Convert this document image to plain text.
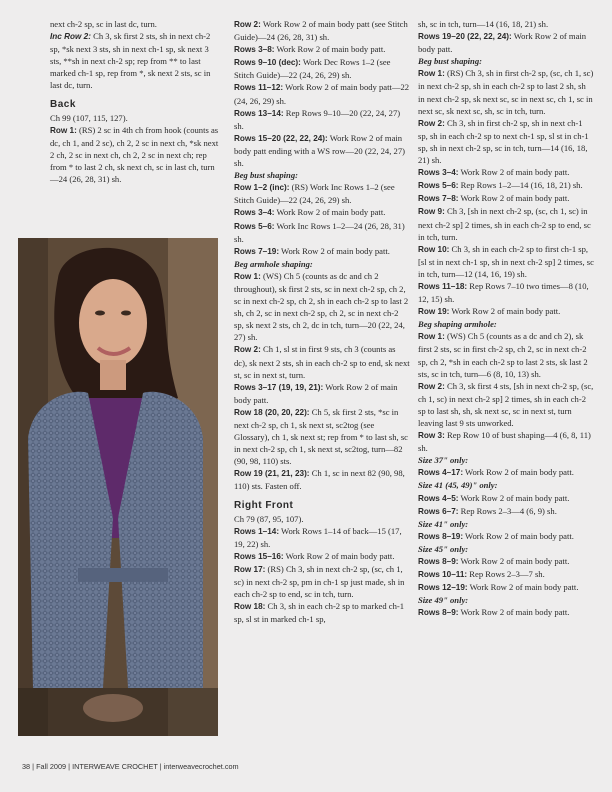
next ch-2 sp, sc in last dc, turn.

Inc Row 2: Ch 3, sk first 2 sts, sh in next ch-2 sp, *sk next 3 sts, sh in next ch-1 sp, sk next 3 sts, **sh in next ch-2 sp; rep from ** to last marked ch-1 sp, rep from *, sk next 2 sts, sc in last dc, turn.

Back

Ch 99 (107, 115, 127).

Row 1: (RS) 2 sc in 4th ch from hook (counts as dc, ch 1, and 2 sc), ch 2, 2 sc in next ch, *sk next 2 ch, 2 sc in next ch, ch 2, 2 sc in next ch; rep from * to last 2 ch, sk next ch, sc in last ch, turn—24 (26, 28, 31) sh.

Row 2: Work Row 2 of main body patt (see Stitch Guide)—24 (26, 28, 31) sh.

Rows 3–8: Work Row 2 of main body patt.

Rows 9–10 (dec): Work Dec Rows 1–2 (see Stitch Guide)—22 (24, 26, 29) sh.

Rows 11–12: Work Row 2 of main body patt—22 (24, 26, 29) sh.

Rows 13–14: Rep Rows 9–10—20 (22, 24, 27) sh.

Rows 15–20 (22, 22, 24): Work Row 2 of main body patt ending with a WS row—20 (22, 24, 27) sh.

Beg bust shaping:

Row 1–2 (inc): (RS) Work Inc Rows 1–2 (see Stitch Guide)—22 (24, 26, 29) sh.

Rows 3–4: Work Row 2 of main body patt.

Rows 5–6: Work Inc Rows 1–2—24 (26, 28, 31) sh.

Rows 7–19: Work Row 2 of main body patt.

Beg armhole shaping:

Row 1: (WS) Ch 5 (counts as dc and ch 2 throughout), sk first 2 sts, sc in next ch-2 sp, ch 2, sc in next ch-2 sp, ch 2, sh in each ch-2 sp to last 2 sh, ch 2, sc in next ch-2 sp, ch 2, sc in next ch-2 sp, sk next 2 sts, ch 2, dc in tch, turn—20 (22, 24, 27) sh.

Row 2: Ch 1, sl st in first 9 sts, ch 3 (counts as dc), sk next 2 sts, sh in each ch-2 sp to end, sk next st, sc in next st, turn.

Rows 3–17 (19, 19, 21): Work Row 2 of main body patt.

Row 18 (20, 20, 22): Ch 5, sk first 2 sts, *sc in next ch-2 sp, ch 1, sk next st, sc2tog (see Glossary), ch 1, sk next st; rep from * to last sh, sc in next ch-2 sp, ch 1, sk next st, sc2tog, turn—82 (90, 98, 110) sts.

Row 19 (21, 21, 23): Ch 1, sc in next 82 (90, 98, 110) sts. Fasten off.

Right Front

Ch 79 (87, 95, 107).

Rows 1–14: Work Rows 1–14 of back—15 (17, 19, 22) sh.

Rows 15–16: Work Row 2 of main body patt.

Row 17: (RS) Ch 3, sh in next ch-2 sp, (sc, ch 1, sc) in next ch-2 sp, pm in ch-1 sp just made, sh in each ch-2 sp to end, sc in tch, turn.

Row 18: Ch 3, sh in each ch-2 sp to marked ch-1 sp, sl st in marked ch-1 sp,

sh, sc in tch, turn—14 (16, 18, 21) sh.

Rows 19–20 (22, 22, 24): Work Row 2 of main body patt.

Beg bust shaping:

Row 1: (RS) Ch 3, sh in first ch-2 sp, (sc, ch 1, sc) in next ch-2 sp, sh in each ch-2 sp to last 2 sh, sh in next ch-2 sp, sk next sc, sc in next sc, ch 1, sc in next sc, sk next sc, sh, sc in tch, turn.

Row 2: Ch 3, sh in first ch-2 sp, sh in next ch-1 sp, sh in each ch-2 sp to next ch-1 sp, sl st in ch-1 sp, sh in next ch-2 sp, sc in tch, turn—14 (16, 18, 21) sh.

Rows 3–4: Work Row 2 of main body patt.

Rows 5–6: Rep Rows 1–2—14 (16, 18, 21) sh.

Rows 7–8: Work Row 2 of main body patt.

Row 9: Ch 3, [sh in next ch-2 sp, (sc, ch 1, sc) in next ch-2 sp] 2 times, sh in each ch-2 sp to end, sc in tch, turn.

Row 10: Ch 3, sh in each ch-2 sp to first ch-1 sp, [sl st in next ch-1 sp, sh in next ch-2 sp] 2 times, sc in tch, turn—12 (14, 16, 19) sh.

Rows 11–18: Rep Rows 7–10 two times—8 (10, 12, 15) sh.

Row 19: Work Row 2 of main body patt.

Beg shaping armhole:

Row 1: (WS) Ch 5 (counts as a dc and ch 2), sk first 2 sts, sc in first ch-2 sp, ch 2, sc in next ch-2 sp, ch 2, *sh in each ch-2 sp to last 2 sts, sk last 2 sts, sc in tch, turn—6 (8, 10, 13) sh.

Row 2: Ch 3, sk first 4 sts, [sh in next ch-2 sp, (sc, ch 1, sc) in next ch-2 sp] 2 times, sh in each ch-2 sp to last sh, sh, sk next sc, sc in next st, turn leaving last 9 sts unworked.

Row 3: Rep Row 10 of bust shaping—4 (6, 8, 11) sh.

Size 37" only:

Rows 4–17: Work Row 2 of main body patt.

Size 41 (45, 49)" only:

Rows 4–5: Work Row 2 of main body patt.

Rows 6–7: Rep Rows 2–3—4 (6, 9) sh.

Size 41" only:

Rows 8–19: Work Row 2 of main body patt.

Size 45" only:

Rows 8–9: Work Row 2 of main body patt.

Rows 10–11: Rep Rows 2–3—7 sh.

Rows 12–19: Work Row 2 of main body patt.

Size 49" only:

Rows 8–9: Work Row 2 of main body patt.

38 | Fall 2009 | INTERWEAVE CROCHET | interweavecrochet.com
